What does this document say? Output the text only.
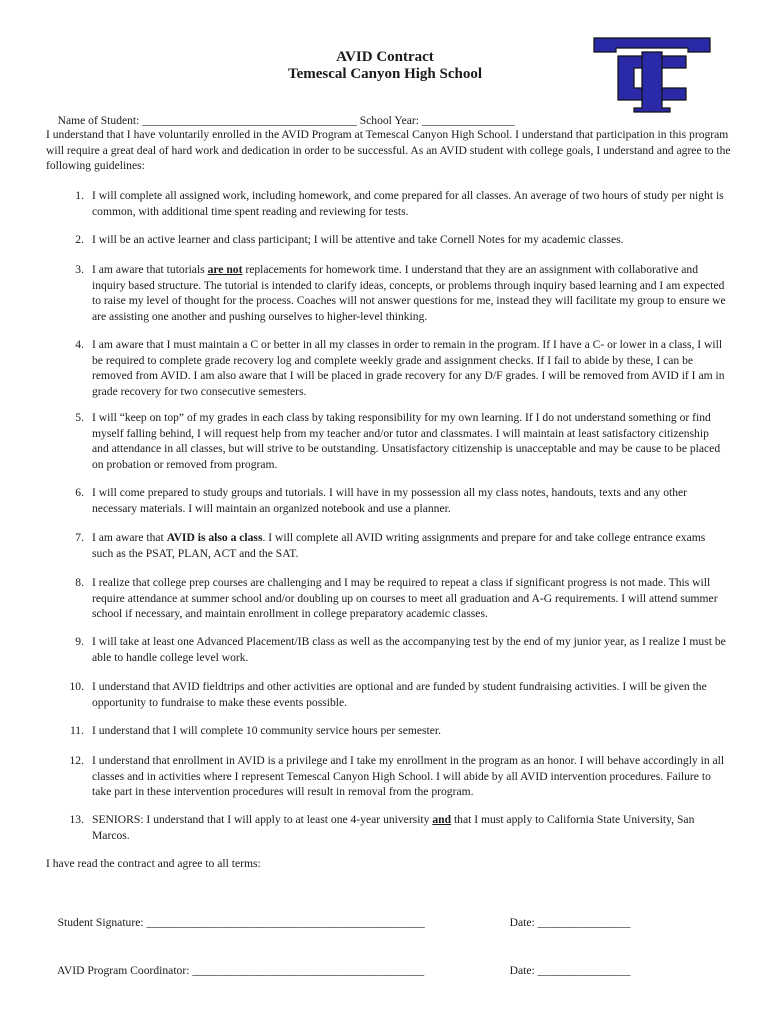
AVID Contract
Temescal Canyon High School

Name of Student: _____________________________________ School Year: ________________

I understand that I have voluntarily enrolled in the AVID Program at Temescal Canyon High School. I understand that participation in this program will require a great deal of hard work and dedication in order to be successful. As an AVID student with college goals, I understand and agree to the following guidelines:

1. I will complete all assigned work, including homework, and come prepared for all classes. An average of two hours of study per night is common, with additional time spent reading and reviewing for tests.
2. I will be an active learner and class participant; I will be attentive and take Cornell Notes for my academic classes.
3. I am aware that tutorials are not replacements for homework time. I understand that they are an assignment with collaborative and inquiry based structure. The tutorial is intended to clarify ideas, concepts, or problems through inquiry based learning and I am expected to raise my level of thought for the process. Coaches will not answer questions for me, instead they will facilitate my group to ensure we are assisting one another and pushing ourselves to higher-level thinking.
4. I am aware that I must maintain a C or better in all my classes in order to remain in the program. If I have a C- or lower in a class, I will be required to complete grade recovery log and complete weekly grade and assignment checks. If I fail to abide by these, I can be removed from AVID. I am also aware that I will be placed in grade recovery for any D/F grades. I will be removed from AVID if I am in grade recovery for two consecutive semesters.
5. I will “keep on top” of my grades in each class by taking responsibility for my own learning. If I do not understand something or find myself falling behind, I will request help from my teacher and/or tutor and classmates. I will maintain at least satisfactory citizenship and attendance in all classes, but will strive to be outstanding. Unsatisfactory citizenship is unacceptable and may be cause to be placed on probation or removed from program.
6. I will come prepared to study groups and tutorials. I will have in my possession all my class notes, handouts, texts and any other necessary materials. I will maintain an organized notebook and use a planner.
7. I am aware that AVID is also a class. I will complete all AVID writing assignments and prepare for and take college entrance exams such as the PSAT, PLAN, ACT and the SAT.
8. I realize that college prep courses are challenging and I may be required to repeat a class if significant progress is not made. This will require attendance at summer school and/or doubling up on courses to meet all graduation and A-G requirements. I will attend summer school if necessary, and maintain enrollment in college preparatory academic classes.
9. I will take at least one Advanced Placement/IB class as well as the accompanying test by the end of my junior year, as I realize I must be able to handle college level work.
10. I understand that AVID fieldtrips and other activities are optional and are funded by student fundraising activities. I will be given the opportunity to fundraise to make these events possible.
11. I understand that I will complete 10 community service hours per semester.
12. I understand that enrollment in AVID is a privilege and I take my enrollment in the program as an honor. I will behave accordingly in all classes and in activities where I represent Temescal Canyon High School. I will abide by all AVID intervention procedures. Failure to take part in these intervention procedures will result in removal from the program.
13. SENIORS: I understand that I will apply to at least one 4-year university and that I must apply to California State University, San Marcos.
I have read the contract and agree to all terms:

Student Signature: ________________________________________________
	Date: ________________

AVID Program Coordinator: ________________________________________
	Date: ________________
